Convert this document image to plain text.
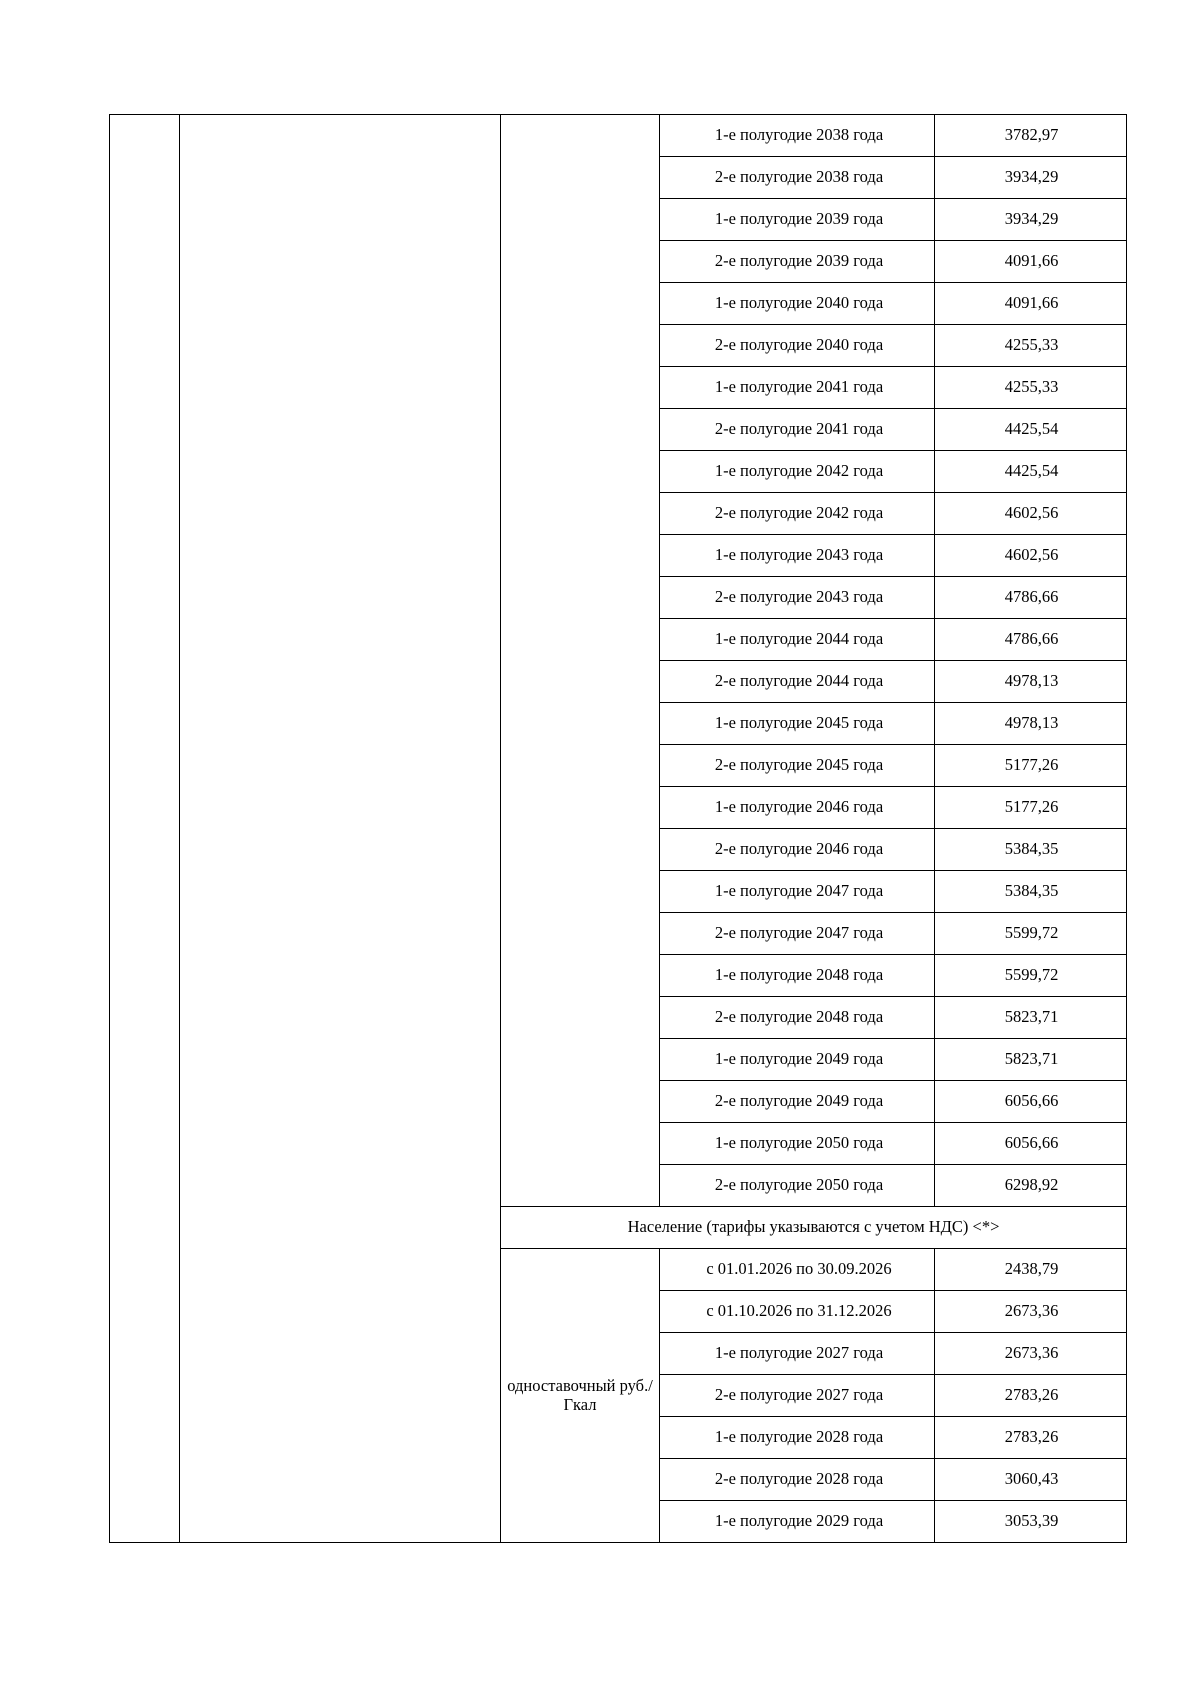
			1-е полугодие 2038 года	3782,97
			2-е полугодие 2038 года	3934,29
			1-е полугодие 2039 года	3934,29
			2-е полугодие 2039 года	4091,66
			1-е полугодие 2040 года	4091,66
			2-е полугодие 2040 года	4255,33
			1-е полугодие 2041 года	4255,33
			2-е полугодие 2041 года	4425,54
			1-е полугодие 2042 года	4425,54
			2-е полугодие 2042 года	4602,56
			1-е полугодие 2043 года	4602,56
			2-е полугодие 2043 года	4786,66
			1-е полугодие 2044 года	4786,66
			2-е полугодие 2044 года	4978,13
			1-е полугодие 2045 года	4978,13
			2-е полугодие 2045 года	5177,26
			1-е полугодие 2046 года	5177,26
			2-е полугодие 2046 года	5384,35
			1-е полугодие 2047 года	5384,35
			2-е полугодие 2047 года	5599,72
			1-е полугодие 2048 года	5599,72
			2-е полугодие 2048 года	5823,71
			1-е полугодие 2049 года	5823,71
			2-е полугодие 2049 года	6056,66
			1-е полугодие 2050 года	6056,66
			2-е полугодие 2050 года	6298,92
		Население (тарифы указываются с учетом НДС) <*>		
		одноставочный руб./Гкал	с 01.01.2026 по 30.09.2026	2438,79
			с 01.10.2026 по 31.12.2026	2673,36
			1-е полугодие 2027 года	2673,36
			2-е полугодие 2027 года	2783,26
			1-е полугодие 2028 года	2783,26
			2-е полугодие 2028 года	3060,43
			1-е полугодие 2029 года	3053,39
